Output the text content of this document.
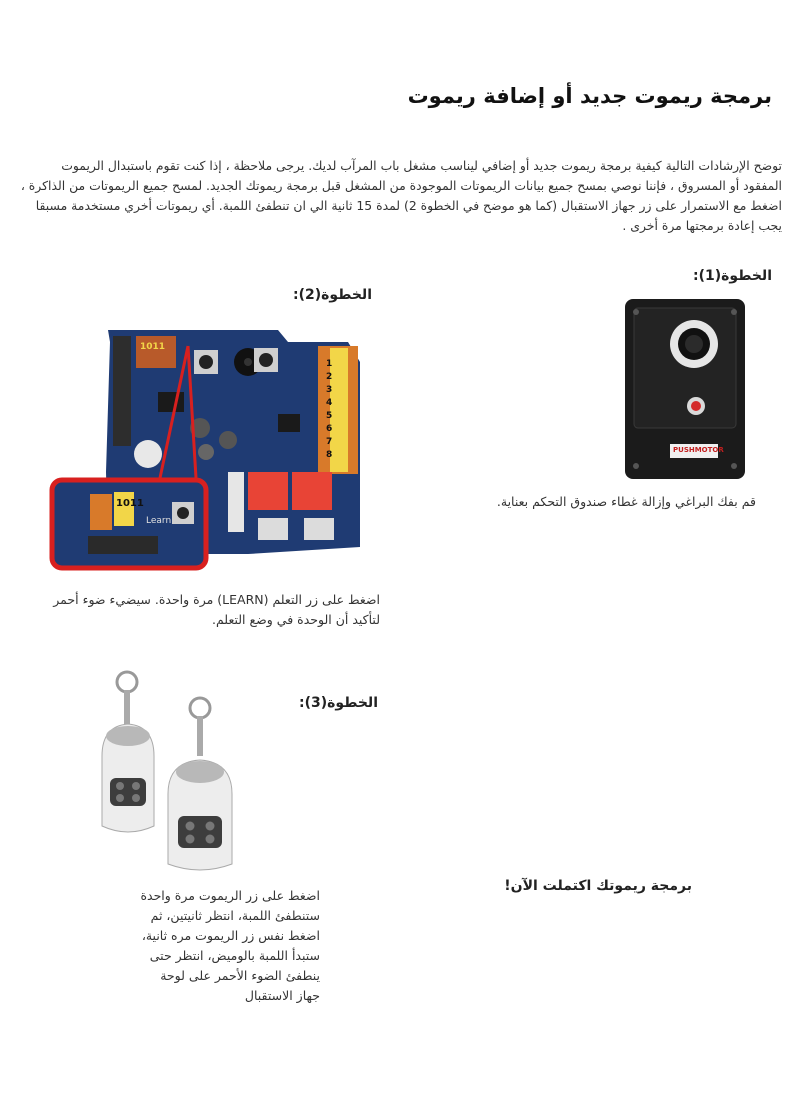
برمجة ريموت جديد أو إضافة ريموت

توضح الإرشادات التالية كيفية برمجة ريموت جديد أو إضافي ليناسب مشغل باب المرآب لديك. يرجى ملاحظة ، إذا كنت تقوم باستبدال الريموت

المفقود أو المسروق ، فإننا نوصي بمسح جميع بيانات الريموتات الموجودة من المشغل قبل برمجة ريموتك الجديد. لمسح جميع الريموتات من الذاكرة ،

اضغط مع الاستمرار على زر جهاز الاستقبال (كما هو موضح في الخطوة 2) لمدة 15 ثانية الي ان تنطفئ اللمبة. أي ريموتات أخري مستخدمة مسبقا

يجب إعادة برمجتها مرة أخرى .

الخطوة(1):
PUSHMOTOR
قم بفك البراغي وإزالة غطاء صندوق التحكم بعناية.
الخطوة(2):
1011
1011
Learn
1 2 3 4 5 6 7 8

اضغط على زر التعلم (LEARN) مرة واحدة. سيضيء ضوء أحمر

لتأكيد أن الوحدة في وضع التعلم.

الخطوة(3):

اضغط على زر الريموت مرة واحدة

ستنطفئ اللمبة، انتظر ثانيتين، ثم

اضغط نفس زر الريموت مره ثانية،

ستبدأ اللمبة بالوميض، انتظر حتى

ينطفئ الضوء الأحمر على لوحة

جهاز الاستقبال

برمجة ريموتك اكتملت الآن!
